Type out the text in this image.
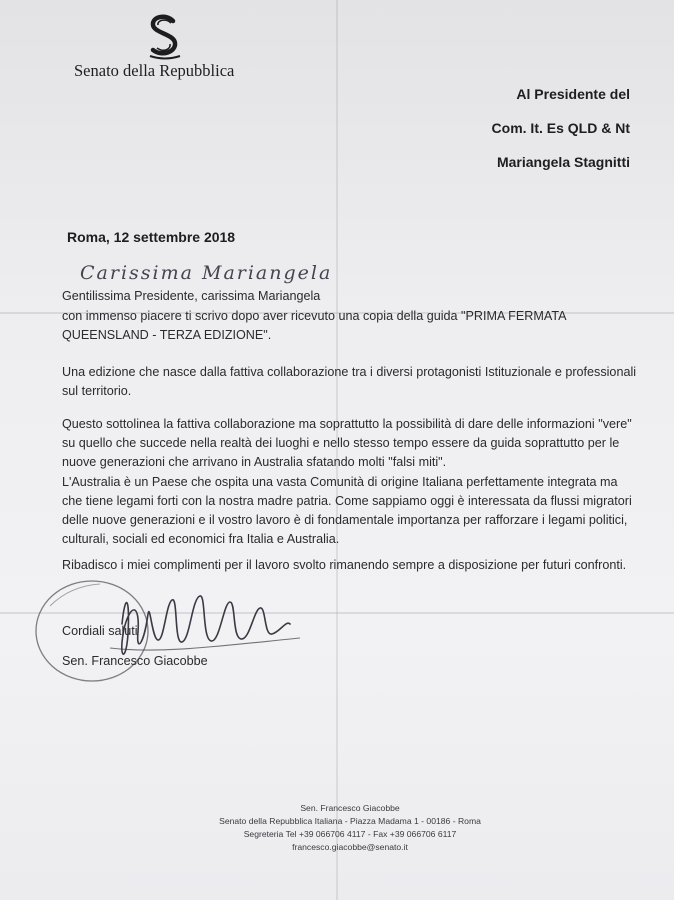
Senato della Repubblica
Al Presidente del
Com. It. Es QLD & Nt
Mariangela Stagnitti
Roma, 12 settembre 2018
Carissima Mariangela
Gentilissima Presidente, carissima Mariangela
con immenso piacere ti scrivo dopo aver ricevuto una copia della guida "PRIMA FERMATA QUEENSLAND - TERZA EDIZIONE".
Una edizione che nasce dalla fattiva collaborazione tra i diversi protagonisti Istituzionale e professionali sul territorio.
Questo sottolinea la fattiva collaborazione ma soprattutto la possibilità di dare delle informazioni "vere" su quello che succede nella realtà dei luoghi e nello stesso tempo essere da guida soprattutto per le nuove generazioni che arrivano in Australia sfatando molti "falsi miti".
L'Australia è un Paese che ospita una vasta Comunità di origine Italiana perfettamente integrata ma che tiene legami forti con la nostra madre patria. Come sappiamo oggi è interessata da flussi migratori delle nuove generazioni e il vostro lavoro è di fondamentale importanza per rafforzare i legami politici, culturali, sociali ed economici fra Italia e Australia.
Ribadisco i miei complimenti per il lavoro svolto rimanendo sempre a disposizione per futuri confronti.
Cordiali saluti
Sen. Francesco Giacobbe
Sen. Francesco Giacobbe
Senato della Repubblica Italiana - Piazza Madama 1 - 00186 - Roma
Segreteria Tel +39 066706 4117 - Fax +39 066706 6117
francesco.giacobbe@senato.it
